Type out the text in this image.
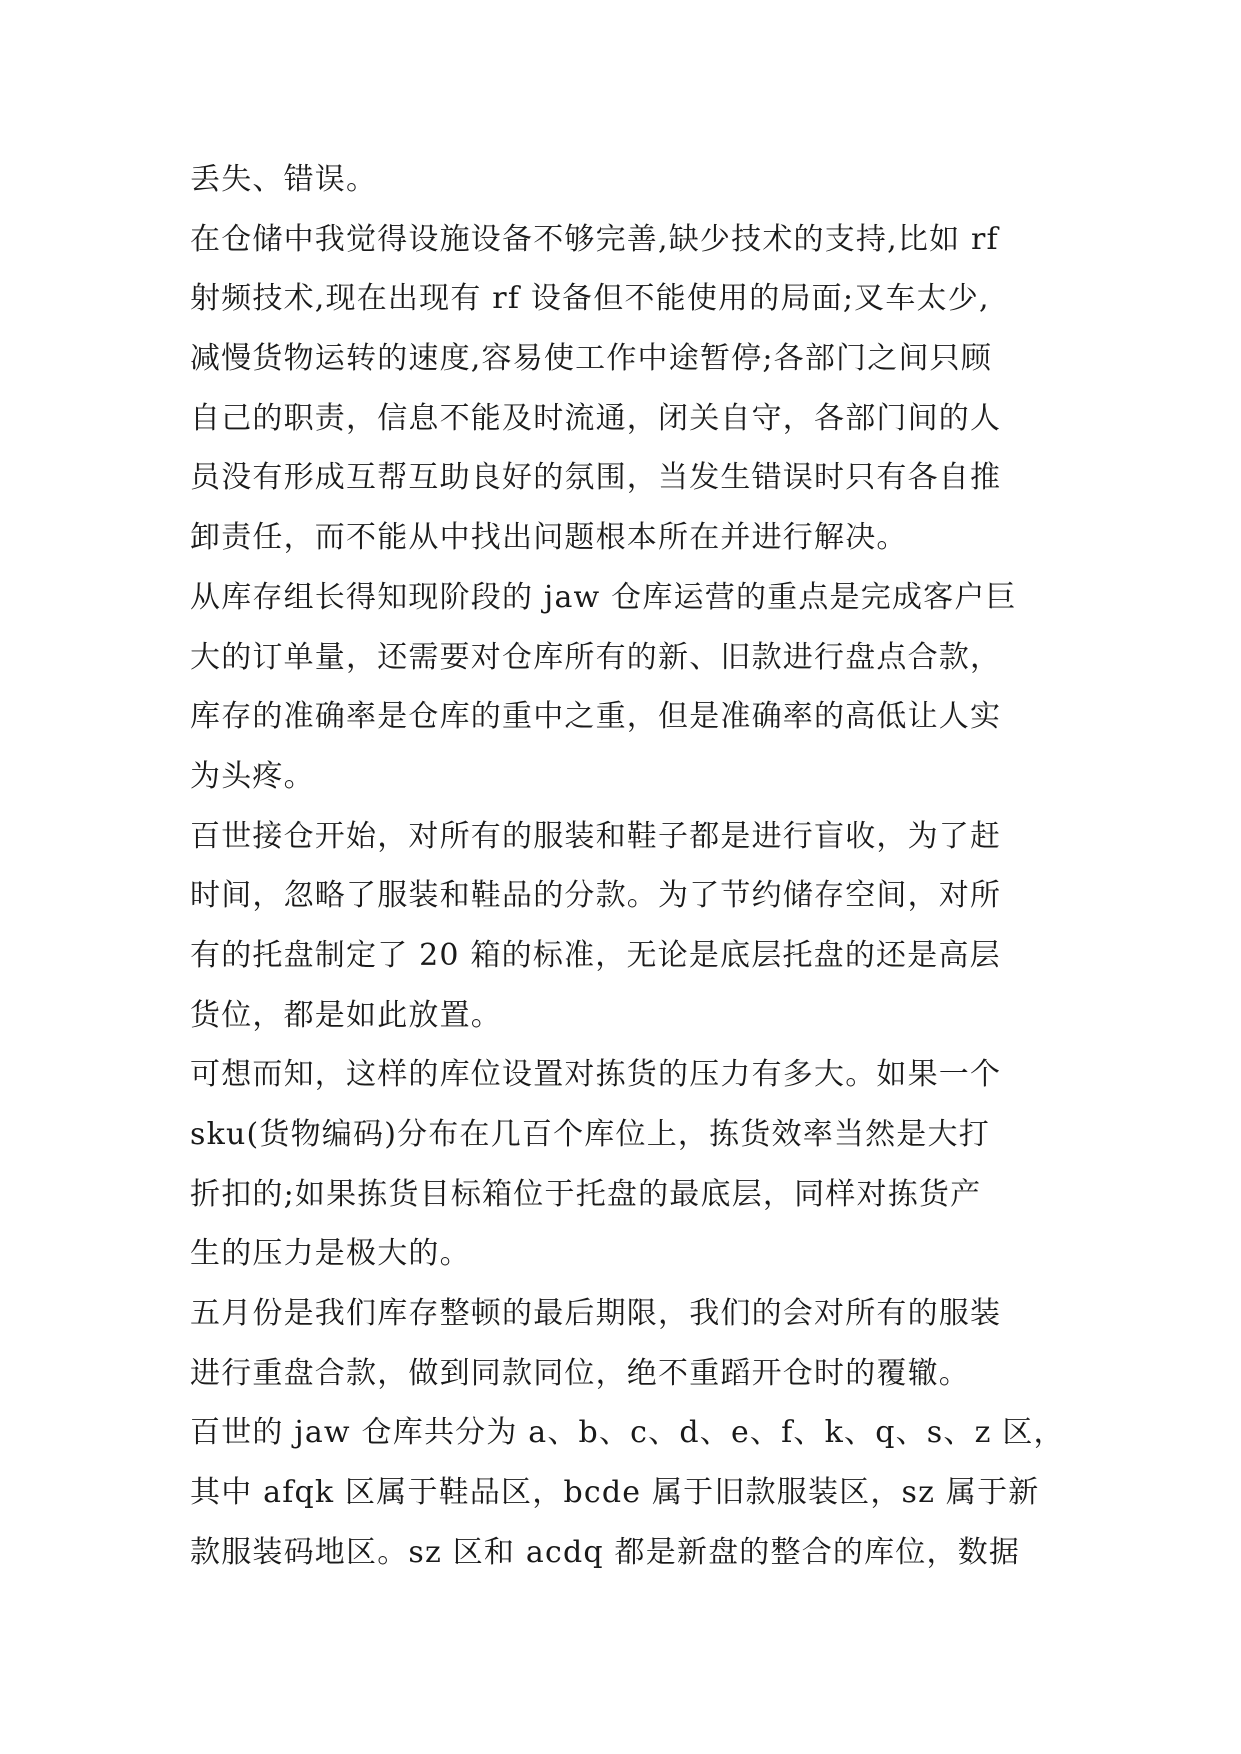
丢失、错误。
在仓储中我觉得设施设备不够完善,缺少技术的支持,比如 rf
射频技术,现在出现有 rf 设备但不能使用的局面;叉车太少,
减慢货物运转的速度,容易使工作中途暂停;各部门之间只顾
自己的职责，信息不能及时流通，闭关自守，各部门间的人
员没有形成互帮互助良好的氛围，当发生错误时只有各自推
卸责任，而不能从中找出问题根本所在并进行解决。
从库存组长得知现阶段的 jaw 仓库运营的重点是完成客户巨
大的订单量，还需要对仓库所有的新、旧款进行盘点合款，
库存的准确率是仓库的重中之重，但是准确率的高低让人实
为头疼。
百世接仓开始，对所有的服装和鞋子都是进行盲收，为了赶
时间，忽略了服装和鞋品的分款。为了节约储存空间，对所
有的托盘制定了 20 箱的标准，无论是底层托盘的还是高层
货位，都是如此放置。
可想而知，这样的库位设置对拣货的压力有多大。如果一个
sku(货物编码)分布在几百个库位上，拣货效率当然是大打
折扣的;如果拣货目标箱位于托盘的最底层，同样对拣货产
生的压力是极大的。
五月份是我们库存整顿的最后期限，我们的会对所有的服装
进行重盘合款，做到同款同位，绝不重蹈开仓时的覆辙。
百世的 jaw 仓库共分为 a、b、c、d、e、f、k、q、s、z 区，
其中 afqk 区属于鞋品区，bcde 属于旧款服装区，sz 属于新
款服装码地区。sz 区和 acdq 都是新盘的整合的库位，数据
